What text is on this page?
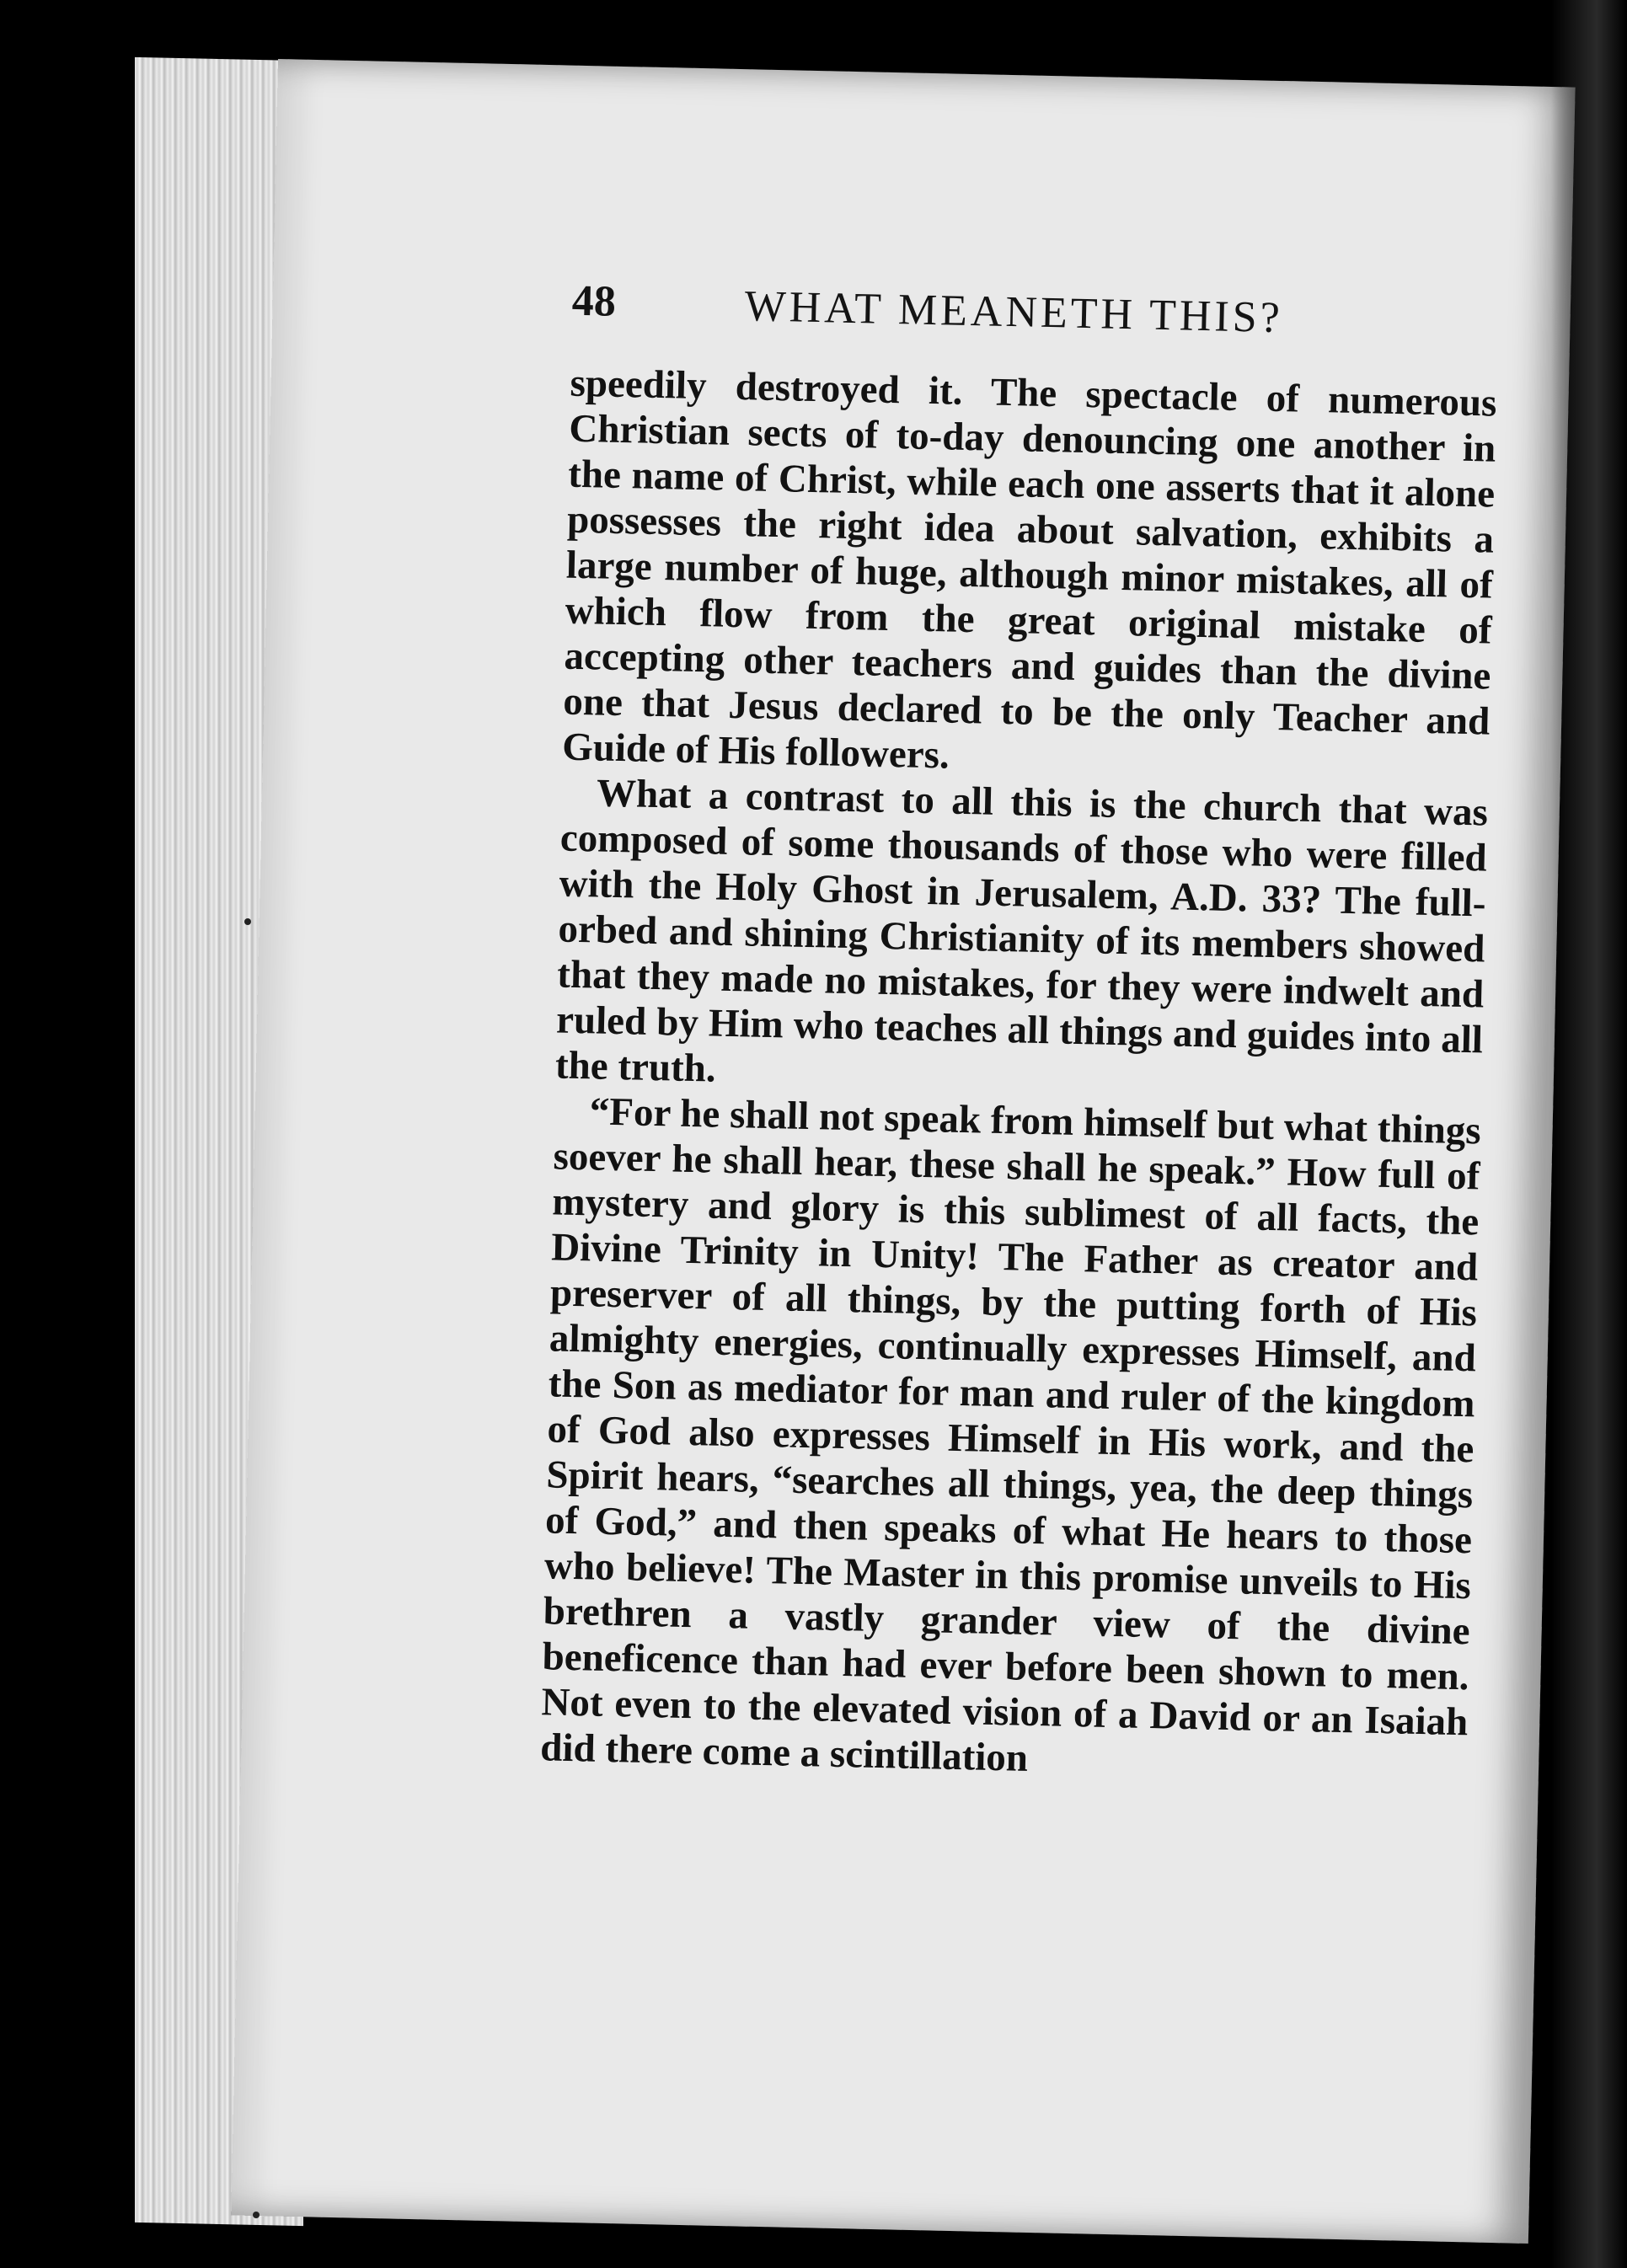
48	WHAT MEANETH THIS?

speedily destroyed it. The spectacle of numerous Christian sects of to-day denouncing one another in the name of Christ, while each one asserts that it alone possesses the right idea about salvation, exhibits a large number of huge, although minor mistakes, all of which flow from the great original mistake of accepting other teachers and guides than the divine one that Jesus declared to be the only Teacher and Guide of His followers.

What a contrast to all this is the church that was composed of some thousands of those who were filled with the Holy Ghost in Jerusalem, A.D. 33? The full-orbed and shining Christianity of its members showed that they made no mistakes, for they were indwelt and ruled by Him who teaches all things and guides into all the truth.

“For he shall not speak from himself but what things soever he shall hear, these shall he speak.” How full of mystery and glory is this sublimest of all facts, the Divine Trinity in Unity! The Father as creator and preserver of all things, by the putting forth of His almighty energies, continually expresses Himself, and the Son as mediator for man and ruler of the kingdom of God also expresses Himself in His work, and the Spirit hears, “searches all things, yea, the deep things of God,” and then speaks of what He hears to those who believe! The Master in this promise unveils to His brethren a vastly grander view of the divine beneficence than had ever before been shown to men. Not even to the elevated vision of a David or an Isaiah did there come a scintillation
